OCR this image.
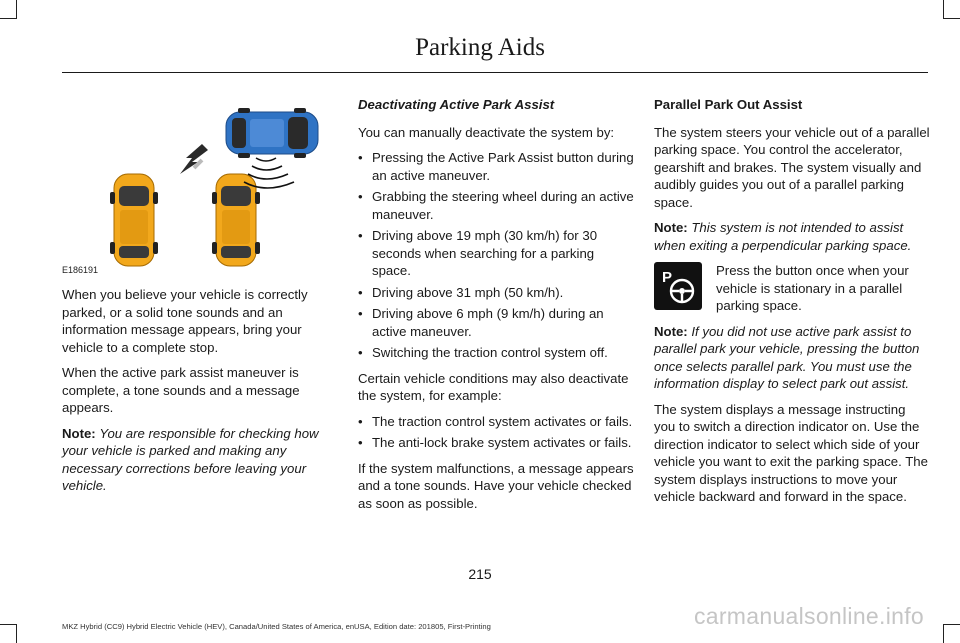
Parking Aids
E186191

When you believe your vehicle is correctly parked, or a solid tone sounds and an information message appears, bring your vehicle to a complete stop.

When the active park assist maneuver is complete, a tone sounds and a message appears.

Note: You are responsible for checking how your vehicle is parked and making any necessary corrections before leaving your vehicle.

Deactivating Active Park Assist

You can manually deactivate the system by:

• Pressing the Active Park Assist button during an active maneuver.
• Grabbing the steering wheel during an active maneuver.
• Driving above 19 mph (30 km/h) for 30 seconds when searching for a parking space.
• Driving above 31 mph (50 km/h).
• Driving above 6 mph (9 km/h) during an active maneuver.
• Switching the traction control system off.

Certain vehicle conditions may also deactivate the system, for example:

• The traction control system activates or fails.
• The anti-lock brake system activates or fails.

If the system malfunctions, a message appears and a tone sounds. Have your vehicle checked as soon as possible.

Parallel Park Out Assist

The system steers your vehicle out of a parallel parking space. You control the accelerator, gearshift and brakes. The system visually and audibly guides you out of a parallel parking space.

Note: This system is not intended to assist when exiting a perpendicular parking space.

P	Press the button once when your vehicle is stationary in a parallel parking space.

Note: If you did not use active park assist to parallel park your vehicle, pressing the button once selects parallel park. You must use the information display to select park out assist.

The system displays a message instructing you to switch a direction indicator on. Use the direction indicator to select which side of your vehicle you want to exit the parking space. The system displays instructions to move your vehicle backward and forward in the space.

215
MKZ Hybrid (CC9) Hybrid Electric Vehicle (HEV), Canada/United States of America, enUSA, Edition date: 201805, First-Printing	carmanualsonline.info
